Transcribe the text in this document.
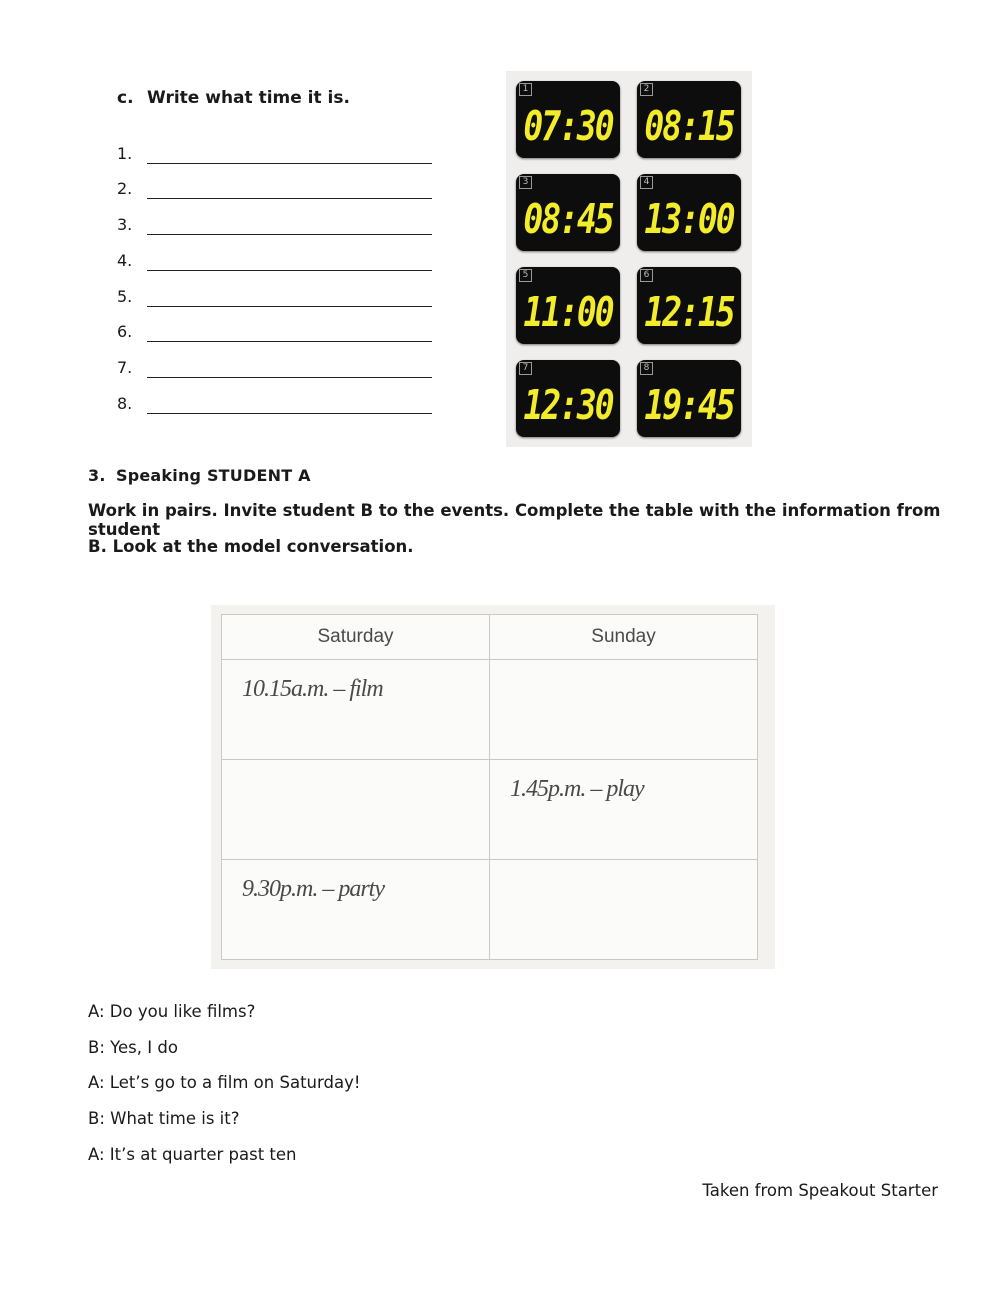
c. Write what time it is.
1.
2.
3.
4.
5.
6.
7.
8.
1
07:30
2
08:15
3
08:45
4
13:00
5
11:00
6
12:15
7
12:30
8
19:45
3. Speaking STUDENT A
Work in pairs. Invite student B to the events. Complete the table with the information from student
B. Look at the model conversation.
Saturday	Sunday

10.15a.m. – film	

	1.45p.m. – play

9.30p.m. – party	

A: Do you like films?
B: Yes, I do
A: Let’s go to a film on Saturday!
B: What time is it?
A: It’s at quarter past ten
Taken from Speakout Starter
